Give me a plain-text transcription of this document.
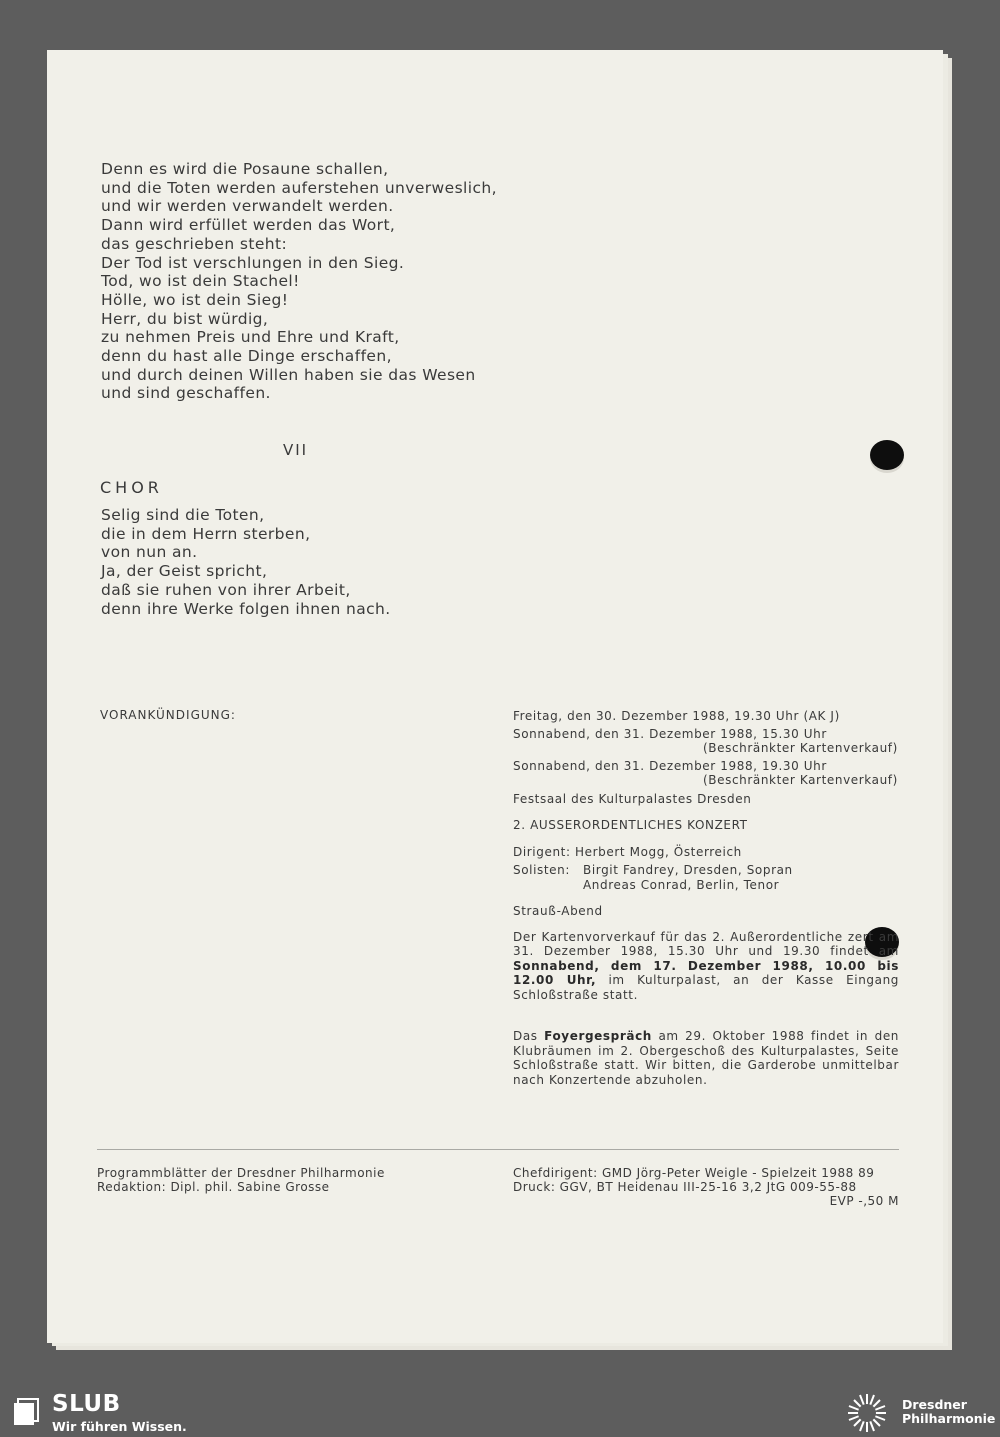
Denn es wird die Posaune schallen,
und die Toten werden auferstehen unverweslich,
und wir werden verwandelt werden.
Dann wird erfüllet werden das Wort,
das geschrieben steht:
Der Tod ist verschlungen in den Sieg.
Tod, wo ist dein Stachel!
Hölle, wo ist dein Sieg!
Herr, du bist würdig,
zu nehmen Preis und Ehre und Kraft,
denn du hast alle Dinge erschaffen,
und durch deinen Willen haben sie das Wesen
und sind geschaffen.
VII
CHOR
Selig sind die Toten,
die in dem Herrn sterben,
von nun an.
Ja, der Geist spricht,
daß sie ruhen von ihrer Arbeit,
denn ihre Werke folgen ihnen nach.
VORANKÜNDIGUNG:	Freitag, den 30. Dezember 1988, 19.30 Uhr (AK J)
Sonnabend, den 31. Dezember 1988, 15.30 Uhr
(Beschränkter Kartenverkauf)
Sonnabend, den 31. Dezember 1988, 19.30 Uhr
(Beschränkter Kartenverkauf)
Festsaal des Kulturpalastes Dresden
2. AUSSERORDENTLICHES KONZERT
Dirigent: Herbert Mogg, Österreich
Solisten: Birgit Fandrey, Dresden, Sopran
Andreas Conrad, Berlin, Tenor
Strauß-Abend
Der Kartenvorverkauf für das 2. Außerordentliche zert am 31. Dezember 1988, 15.30 Uhr und 19.30 findet am Sonnabend, dem 17. Dezember 1988, 10.00 bis 12.00 Uhr, im Kulturpalast, an der Kasse Eingang Schloßstraße statt.
Das Foyergespräch am 29. Oktober 1988 findet in den Klubräumen im 2. Obergeschoß des Kulturpalastes, Seite Schloßstraße statt. Wir bitten, die Garderobe unmittelbar nach Konzertende abzuholen.
Programmblätter der Dresdner Philharmonie
Redaktion: Dipl. phil. Sabine Grosse
Chefdirigent: GMD Jörg-Peter Weigle - Spielzeit 1988 89
Druck: GGV, BT Heidenau III-25-16 3,2 JtG 009-55-88
EVP -,50 M
SLUB
Wir führen Wissen.
Dresdner
Philharmonie
